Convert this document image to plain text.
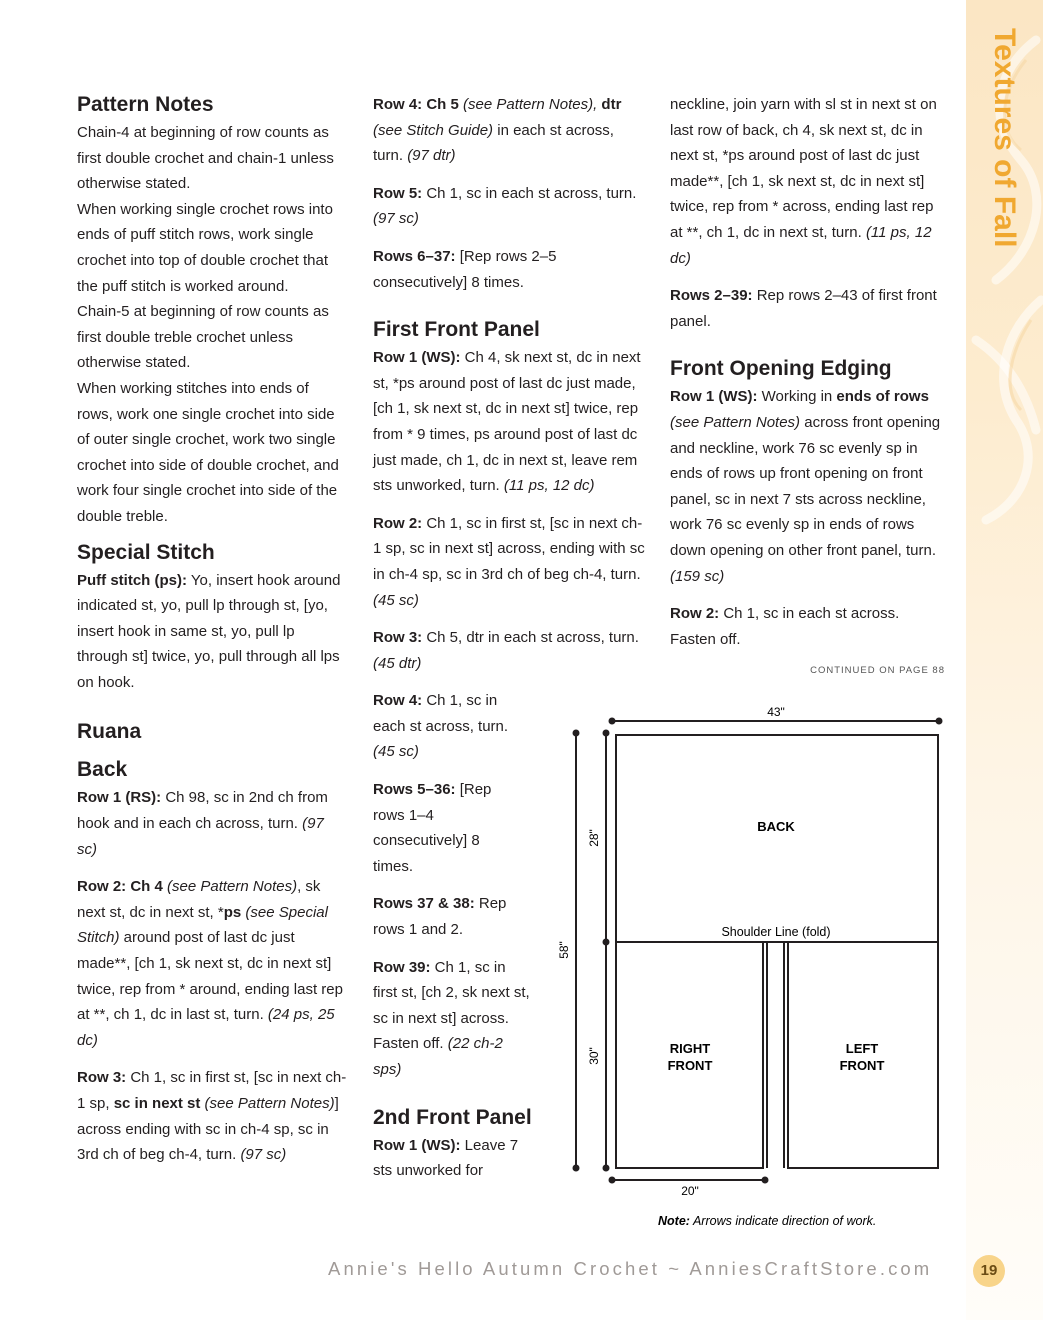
Textures of Fall
Pattern Notes

Chain-4 at beginning of row counts as first double crochet and chain-1 unless otherwise stated.

When working single crochet rows into ends of puff stitch rows, work single crochet into top of double crochet that the puff stitch is worked around.

Chain-5 at beginning of row counts as first double treble crochet unless otherwise stated.

When working stitches into ends of rows, work one single crochet into side of outer single crochet, work two single crochet into side of double crochet, and work four single crochet into side of the double treble.

Special Stitch

Puff stitch (ps): Yo, insert hook around indicated st, yo, pull lp through st, [yo, insert hook in same st, yo, pull lp through st] twice, yo, pull through all lps on hook.

Ruana
Back

Row 1 (RS): Ch 98, sc in 2nd ch from hook and in each ch across, turn. (97 sc)

Row 2: Ch 4 (see Pattern Notes), sk next st, dc in next st, *ps (see Special Stitch) around post of last dc just made**, [ch 1, sk next st, dc in next st] twice, rep from * around, ending last rep at **, ch 1, dc in last st, turn. (24 ps, 25 dc)

Row 3: Ch 1, sc in first st, [sc in next ch-1 sp, sc in next st (see Pattern Notes)] across ending with sc in ch-4 sp, sc in 3rd ch of beg ch-4, turn. (97 sc)

Row 4: Ch 5 (see Pattern Notes), dtr (see Stitch Guide) in each st across, turn. (97 dtr)

Row 5: Ch 1, sc in each st across, turn. (97 sc)

Rows 6–37: [Rep rows 2–5 consecutively] 8 times.

First Front Panel

Row 1 (WS): Ch 4, sk next st, dc in next st, *ps around post of last dc just made, [ch 1, sk next st, dc in next st] twice, rep from * 9 times, ps around post of last dc just made, ch 1, dc in next st, leave rem sts unworked, turn. (11 ps, 12 dc)

Row 2: Ch 1, sc in first st, [sc in next ch-1 sp, sc in next st] across, ending with sc in ch-4 sp, sc in 3rd ch of beg ch-4, turn. (45 sc)

Row 3: Ch 5, dtr in each st across, turn. (45 dtr)

Row 4: Ch 1, sc in each st across, turn. (45 sc)

Rows 5–36: [Rep rows 1–4 consecutively] 8 times.

Rows 37 & 38: Rep rows 1 and 2.

Row 39: Ch 1, sc in first st, [ch 2, sk next st, sc in next st] across. Fasten off. (22 ch-2 sps)

2nd Front Panel

Row 1 (WS): Leave 7 sts unworked for

neckline, join yarn with sl st in next st on last row of back, ch 4, sk next st, dc in next st, *ps around post of last dc just made**, [ch 1, sk next st, dc in next st] twice, rep from * across, ending last rep at **, ch 1, dc in next st, turn. (11 ps, 12 dc)

Rows 2–39: Rep rows 2–43 of first front panel.

Front Opening Edging

Row 1 (WS): Working in ends of rows (see Pattern Notes) across front opening and neckline, work 76 sc evenly sp in ends of rows up front opening on front panel, sc in next 7 sts across neckline, work 76 sc evenly sp in ends of rows down opening on other front panel, turn. (159 sc)

Row 2: Ch 1, sc in each st across. Fasten off.

CONTINUED ON PAGE 88
43"
BACK
Shoulder Line (fold)
RIGHT
FRONT
LEFT
FRONT
28"
58"
30"
20"
Note: Arrows indicate direction of work.
Annie's Hello Autumn Crochet ~ AnniesCraftStore.com	19
